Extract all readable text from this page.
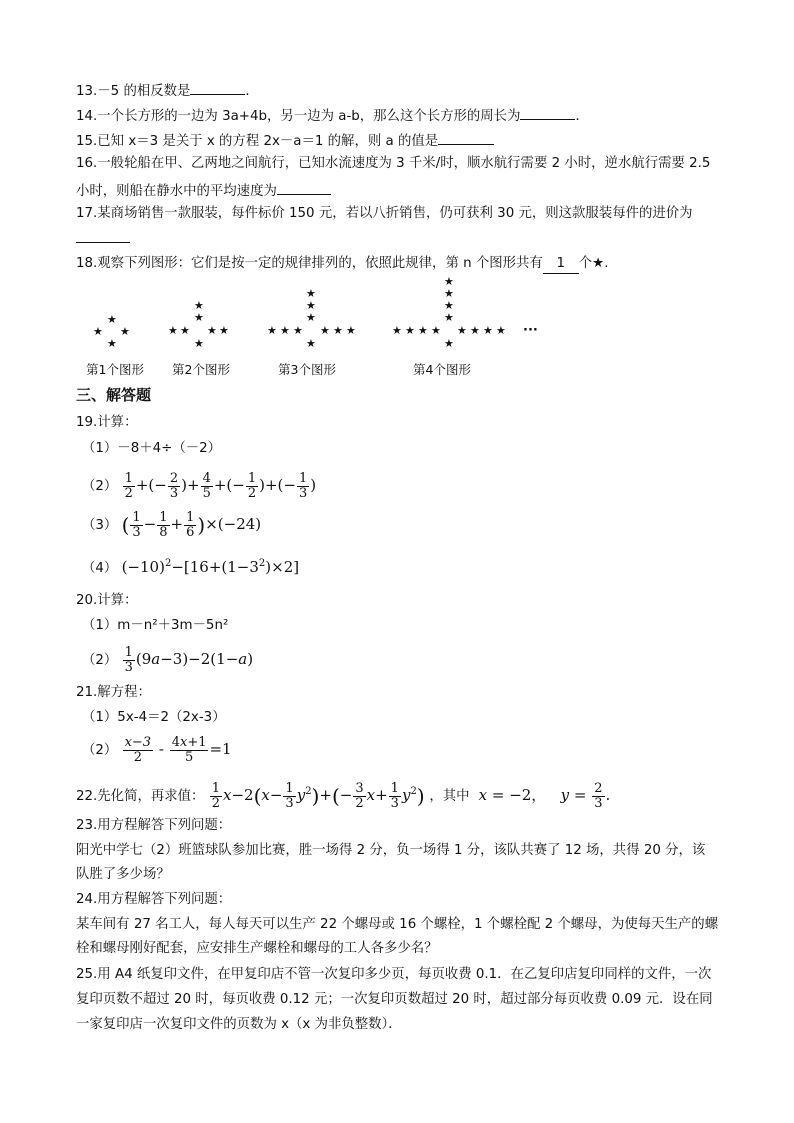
13.－5 的相反数是	．
14.一个长方形的一边为 3a+4b，另一边为 a-b，那么这个长方形的周长为	．
15.已知 x＝3 是关于 x 的方程 2x－a＝1 的解，则 a 的值是
16.一般轮船在甲、乙两地之间航行，已知水流速度为 3 千米/时，顺水航行需要 2 小时，逆水航行需要 2.5
小时，则船在静水中的平均速度为
17.某商场销售一款服装，每件标价 150 元，若以八折销售，仍可获利 30 元，则这款服装每件的进价为
18.观察下列图形：它们是按一定的规律排列的，依照此规律，第 n 个图形共有 1 个★.
★
★ ★
★
★
★
★ ★ ★ ★
★
★
★
★
★ ★ ★ ★ ★ ★
★
★
★
★
★
★ ★ ★ ★ ★ ★ ★ ★
★
···
第1个图形 第2个图形	第3个图形	第4个图形
三、解答题
19.计算：
（1）－8＋4÷（－2）
$(2) \frac{1}{2}$ +(− $\frac{2}{3}$ )+ $\frac{4}{5}$ +(− $\frac{1}{2}$ )+(− $\frac{1}{3}$ )
（3） ( $\frac{1}{3} - \frac{1}{8} + \frac{1}{6} )\times(-24)$
（4） $(-10)^2-[16+(1-3^2)\times 2]$
20.计算：
（1）m－n²＋3m－5n²
$(2) \frac{1}{3} (9a-3)-2(1-a)$
21.解方程：
（1）5x-4＝2（2x-3）
$(2) \frac{x-3}{2} - \frac{4x+1}{5} =1$
22.先化简，再求值： $\frac{1}{2} x-2(x- \frac{1}{3} y^2)+(- \frac{3}{2} x+ \frac{1}{3} y^2)$ ，其中 x = −2，   $y = \frac{2}{3}$ .
23.用方程解答下列问题：
阳光中学七（2）班篮球队参加比赛，胜一场得 2 分，负一场得 1 分，该队共赛了 12 场，共得 20 分，该
队胜了多少场？
24.用方程解答下列问题：
某车间有 27 名工人，每人每天可以生产 22 个螺母或 16 个螺栓，1 个螺栓配 2 个螺母，为使每天生产的螺
栓和螺母刚好配套，应安排生产螺栓和螺母的工人各多少名？
25.用 A4 纸复印文件，在甲复印店不管一次复印多少页，每页收费 0.1．在乙复印店复印同样的文件，一次
复印页数不超过 20 时，每页收费 0.12 元；一次复印页数超过 20 时，超过部分每页收费 0.09 元．设在同
一家复印店一次复印文件的页数为 x（x 为非负整数）．
